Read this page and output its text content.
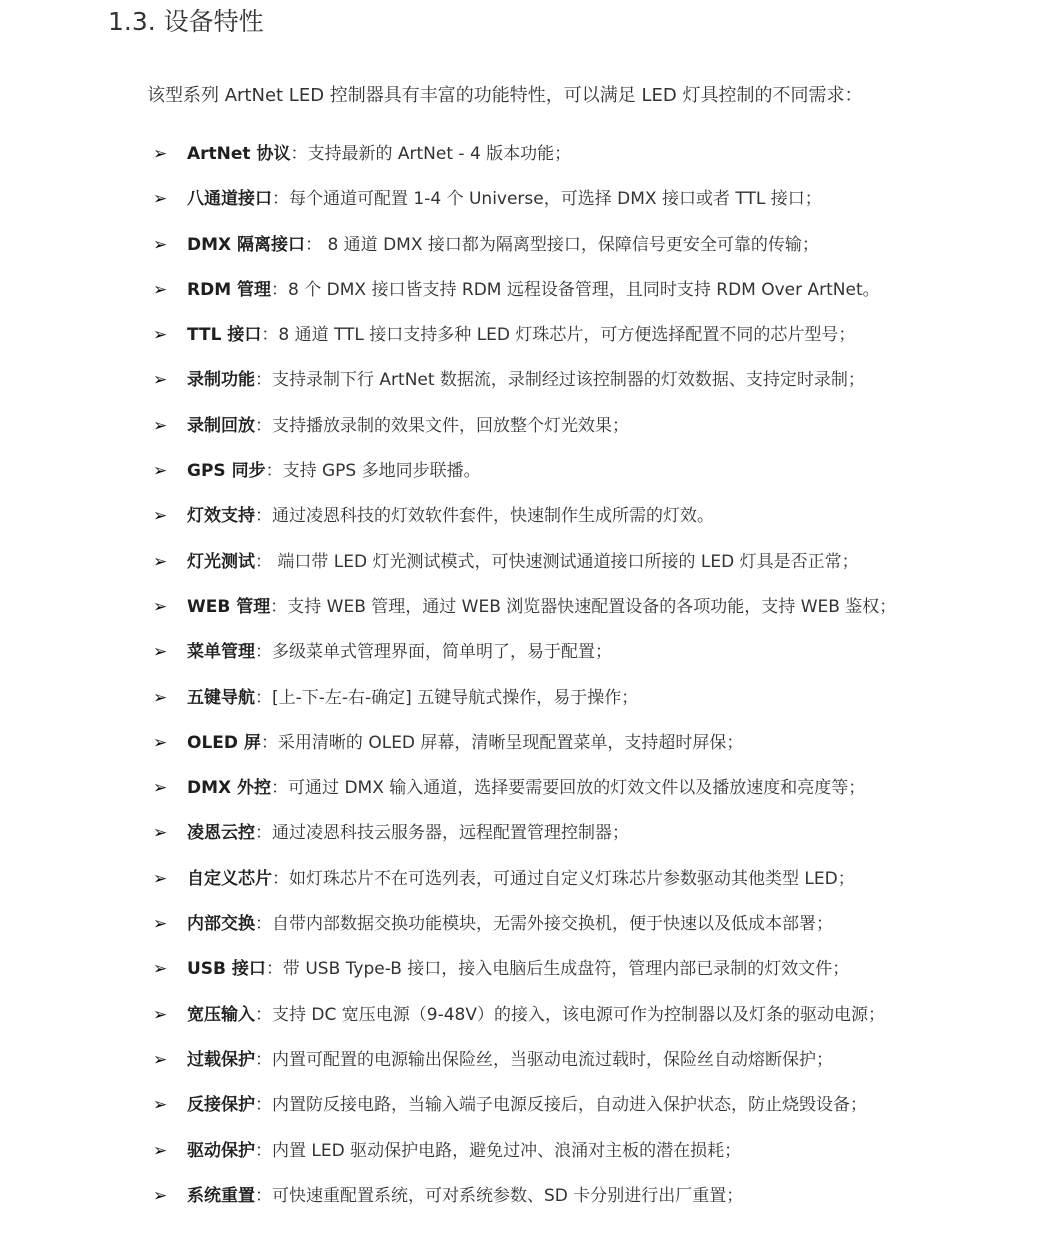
1.3. 设备特性
该型系列 ArtNet LED 控制器具有丰富的功能特性，可以满足 LED 灯具控制的不同需求：
➢	ArtNet 协议 ：支持最新的 ArtNet - 4 版本功能；
➢	八通道接口 ：每个通道可配置 1-4 个 Universe，可选择 DMX 接口或者 TTL 接口；
➢	DMX 隔离接口 ： 8 通道 DMX 接口都为隔离型接口，保障信号更安全可靠的传输；
➢	RDM 管理 ：8 个 DMX 接口皆支持 RDM 远程设备管理，且同时支持 RDM Over ArtNet。
➢	TTL 接口 ：8 通道 TTL 接口支持多种 LED 灯珠芯片，可方便选择配置不同的芯片型号；
➢	录制功能 ：支持录制下行 ArtNet 数据流，录制经过该控制器的灯效数据、支持定时录制；
➢	录制回放 ：支持播放录制的效果文件，回放整个灯光效果；
➢	GPS 同步 ：支持 GPS 多地同步联播。
➢	灯效支持 ：通过凌恩科技的灯效软件套件，快速制作生成所需的灯效。
➢	灯光测试 ： 端口带 LED 灯光测试模式，可快速测试通道接口所接的 LED 灯具是否正常；
➢	WEB 管理 ：支持 WEB 管理，通过 WEB 浏览器快速配置设备的各项功能，支持 WEB 鉴权；
➢	菜单管理 ：多级菜单式管理界面，简单明了，易于配置；
➢	五键导航 ：[上-下-左-右-确定] 五键导航式操作，易于操作；
➢	OLED 屏 ：采用清晰的 OLED 屏幕，清晰呈现配置菜单，支持超时屏保；
➢	DMX 外控 ：可通过 DMX 输入通道，选择要需要回放的灯效文件以及播放速度和亮度等；
➢	凌恩云控 ：通过凌恩科技云服务器，远程配置管理控制器；
➢	自定义芯片 ：如灯珠芯片不在可选列表，可通过自定义灯珠芯片参数驱动其他类型 LED；
➢	内部交换 ：自带内部数据交换功能模块，无需外接交换机，便于快速以及低成本部署；
➢	USB 接口 ：带 USB Type-B 接口，接入电脑后生成盘符，管理内部已录制的灯效文件；
➢	宽压输入 ：支持 DC 宽压电源（9-48V）的接入，该电源可作为控制器以及灯条的驱动电源；
➢	过载保护 ：内置可配置的电源输出保险丝，当驱动电流过载时，保险丝自动熔断保护；
➢	反接保护 ：内置防反接电路，当输入端子电源反接后，自动进入保护状态，防止烧毁设备；
➢	驱动保护 ：内置 LED 驱动保护电路，避免过冲、浪涌对主板的潜在损耗；
➢	系统重置 ：可快速重配置系统，可对系统参数、SD 卡分别进行出厂重置；
